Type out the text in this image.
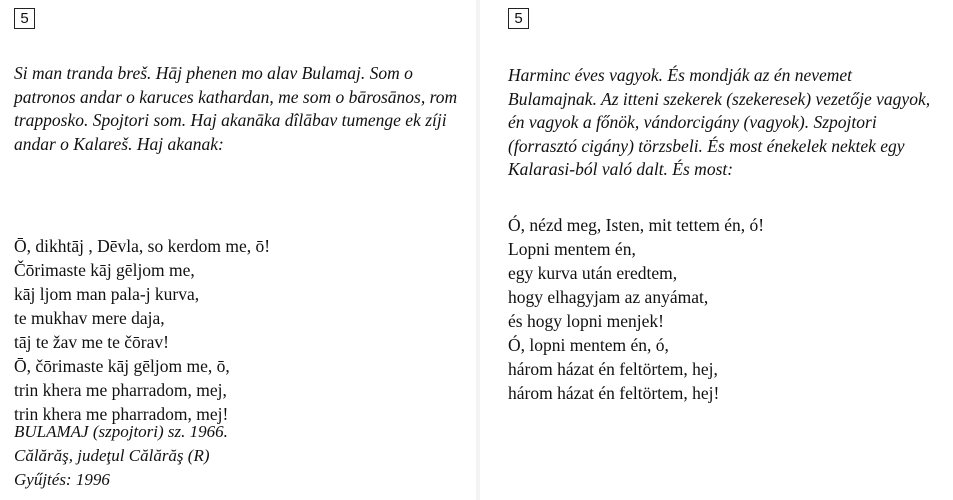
5

Si man tranda breš. Hāj phenen mo alav Bulamaj. Som o patronos andar o karuces kathardan, me som o bārosānos, rom trapposko. Spojtori som. Haj akanāka dîlābav tumenge ek zíji andar o Kalareš. Haj akanak:

Ō, dikhtāj , Dēvla, so kerdom me, ō!
Čōrimaste kāj gēljom me,
kāj ljom man pala-j kurva,
te mukhav mere daja,
tāj te žav me te čōrav!
Ō, čōrimaste kāj gēljom me, ō,
trin khera me pharradom, mej,
trin khera me pharradom, mej!
BULAMAJ (szpojtori) sz. 1966.
Călărăş, judeţul Călărăş (R)
Gyűjtés: 1996
5

Harminc éves vagyok. És mondják az én nevemet Bulamajnak. Az itteni szekerek (szekeresek) vezetője vagyok, én vagyok a főnök, vándorcigány (vagyok). Szpojtori (forrasztó cigány) törzsbeli. És most énekelek nektek egy Kalarasi-ból való dalt. És most:

Ó, nézd meg, Isten, mit tettem én, ó!
Lopni mentem én,
egy kurva után eredtem,
hogy elhagyjam az anyámat,
és hogy lopni menjek!
Ó, lopni mentem én, ó,
három házat én feltörtem, hej,
három házat én feltörtem, hej!
